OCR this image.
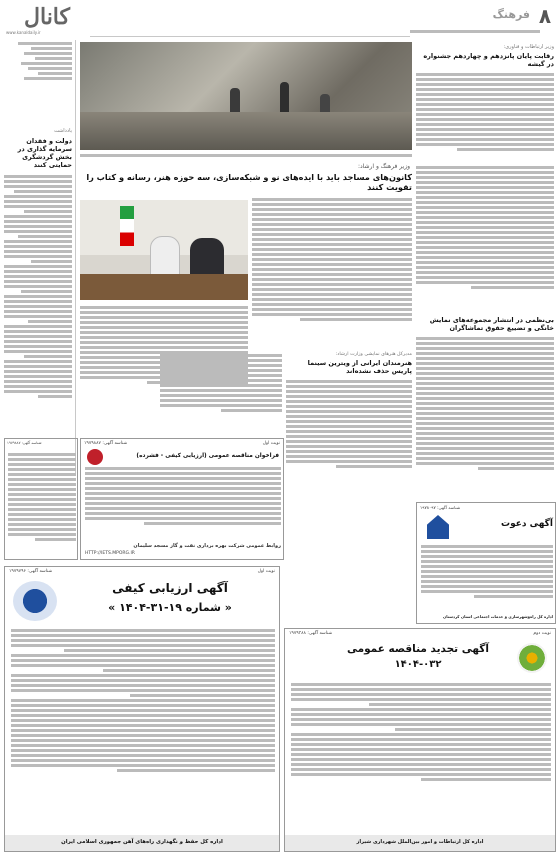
کانال
www.kanaldaily.ir
فرهنگ ۸
یادداشت
دولت و فقدان سرمایه گذاری در بخش گردشگری حمایتی کنند
وزیر ارتباطات و فناوری:
رقابت پایان پانزدهم و چهاردهم جشنواره در گیشه
وزیر فرهنگ و ارشاد:
کانون‌های مساجد باید با ایده‌های نو و شبکه‌سازی، سه حوزه هنر، رسانه و کتاب را تقویت کنند
بی‌نظمی در انتشار مجموعه‌های نمایش خانگی و تضییع حقوق تماشاگران
مدیرکل هنرهای نمایشی وزارت ارشاد:
هنرمندان ایرانی از ویترین سینما پاریس حذف نشده‌اند
شناسه آگهی: ۱۹۷۹۸۸۷	نوبت اول
فراخوان مناقصه عمومی (ارزیابی کیفی - فشرده)
روابط عمومی شرکت بهره برداری نفت و گاز مسجد سلیمان
HTTP://IETS.MPORG.IR
شناسه آگهی: ۱۹۷۹۸۸۷
شناسه آگهی: ۱۹۷۸۰۹۷
آگهی دعوت
اداره کل راه‌وشهرسازی و خدمات اجتماعی استان کردستان
شناسه آگهی: ۱۹۷۹۷۹۶	نوبت اول
آگهی ارزیابی کیفی
« شماره ۱۹-۳۱-۱۴۰۴ »
اداره کل حفظ و نگهداری راه‌های آهن جمهوری اسلامی ایران
شناسه آگهی: ۱۹۷۹۳۸۸	نوبت دوم
آگهی تجدید مناقصه عمومی
۱۴۰۴-۰۳۲
اداره کل ارتباطات و امور بین‌الملل شهرداری شیراز
